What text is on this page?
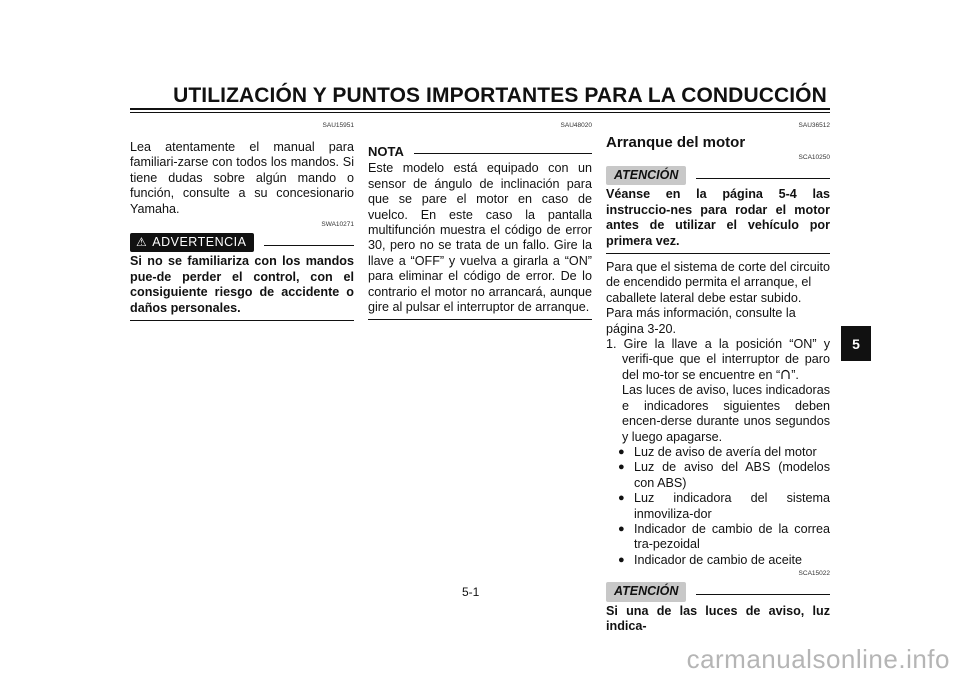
UTILIZACIÓN Y PUNTOS IMPORTANTES PARA LA CONDUCCIÓN
SAU15951

Lea atentamente el manual para familiari-zarse con todos los mandos. Si tiene dudas sobre algún mando o función, consulte a su concesionario Yamaha.

SWA10271
⚠ ADVERTENCIA

Si no se familiariza con los mandos pue-de perder el control, con el consiguiente riesgo de accidente o daños personales.

SAU48020
NOTA

Este modelo está equipado con un sensor de ángulo de inclinación para que se pare el motor en caso de vuelco. En este caso la pantalla multifunción muestra el código de error 30, pero no se trata de un fallo. Gire la llave a “OFF” y vuelva a girarla a “ON” para eliminar el código de error. De lo contrario el motor no arrancará, aunque gire al pulsar el interruptor de arranque.

SAU36512
Arranque del motor
SCA10250
ATENCIÓN

Véanse en la página 5-4 las instruccio-nes para rodar el motor antes de utilizar el vehículo por primera vez.

Para que el sistema de corte del circuito de encendido permita el arranque, el caballete lateral debe estar subido.

Para más información, consulte la página 3-20.

1. Gire la llave a la posición “ON” y verifi-que que el interruptor de paro del mo-tor se encuentre en “ ”.

Las luces de aviso, luces indicadoras e indicadores siguientes deben encen-derse durante unos segundos y luego apagarse.

● Luz de aviso de avería del motor
● Luz de aviso del ABS (modelos con ABS)
● Luz indicadora del sistema inmoviliza-dor
● Indicador de cambio de la correa tra-pezoidal
● Indicador de cambio de aceite
SCA15022
ATENCIÓN

Si una de las luces de aviso, luz indica-

5
5-1
carmanualsonline.info
